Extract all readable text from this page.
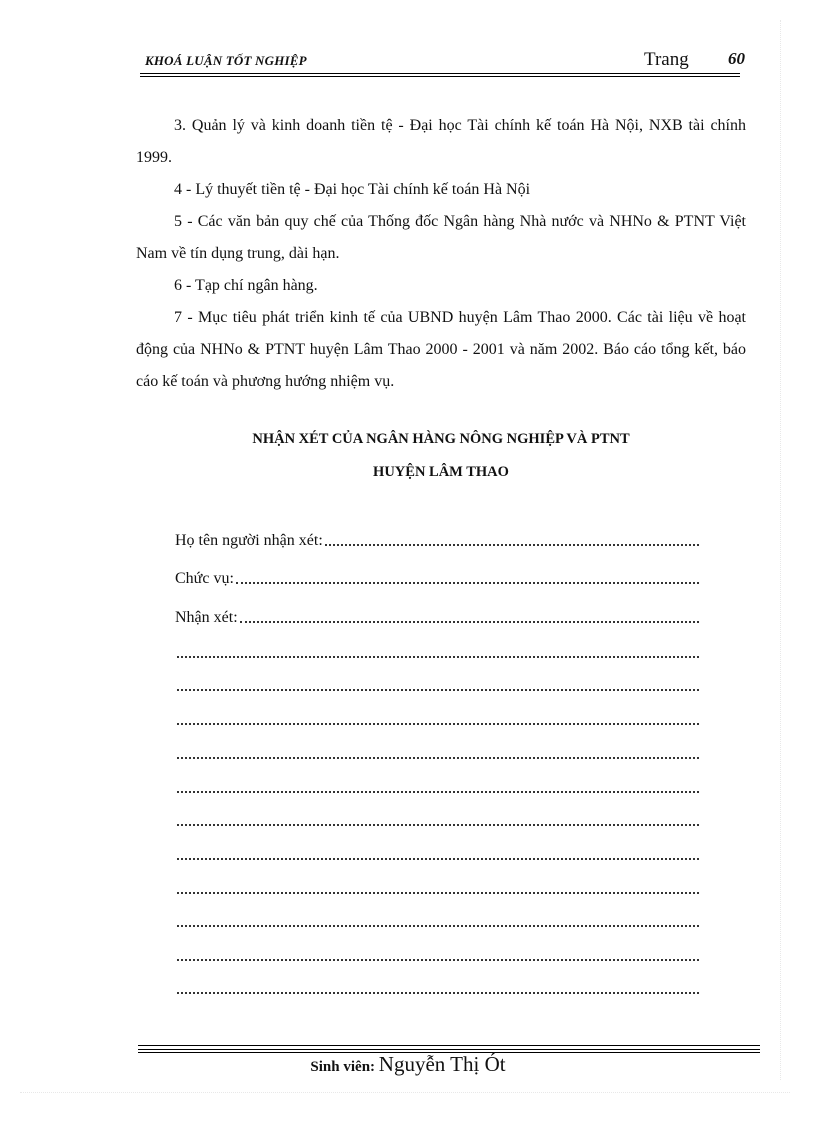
KHOÁ LUẬN TỐT NGHIỆP	Trang 60
3. Quản lý và kinh doanh tiền tệ - Đại học Tài chính kế toán Hà Nội, NXB tài chính 1999.
4 - Lý thuyết tiền tệ - Đại học Tài chính kế toán Hà Nội
5 - Các văn bản quy chế của Thống đốc Ngân hàng Nhà nước và NHNo & PTNT Việt Nam về tín dụng trung, dài hạn.
6 - Tạp chí ngân hàng.
7 - Mục tiêu phát triển kinh tế của UBND huyện Lâm Thao 2000. Các tài liệu về hoạt động của NHNo & PTNT huyện Lâm Thao 2000 - 2001 và năm 2002. Báo cáo tổng kết, báo cáo kế toán và phương hướng nhiệm vụ.
NHẬN XÉT CỦA NGÂN HÀNG NÔNG NGHIỆP VÀ PTNT
HUYỆN LÂM THAO
Họ tên người nhận xét:
Chức vụ:
Nhận xét:
Sinh viên: Nguyễn Thị Ót
